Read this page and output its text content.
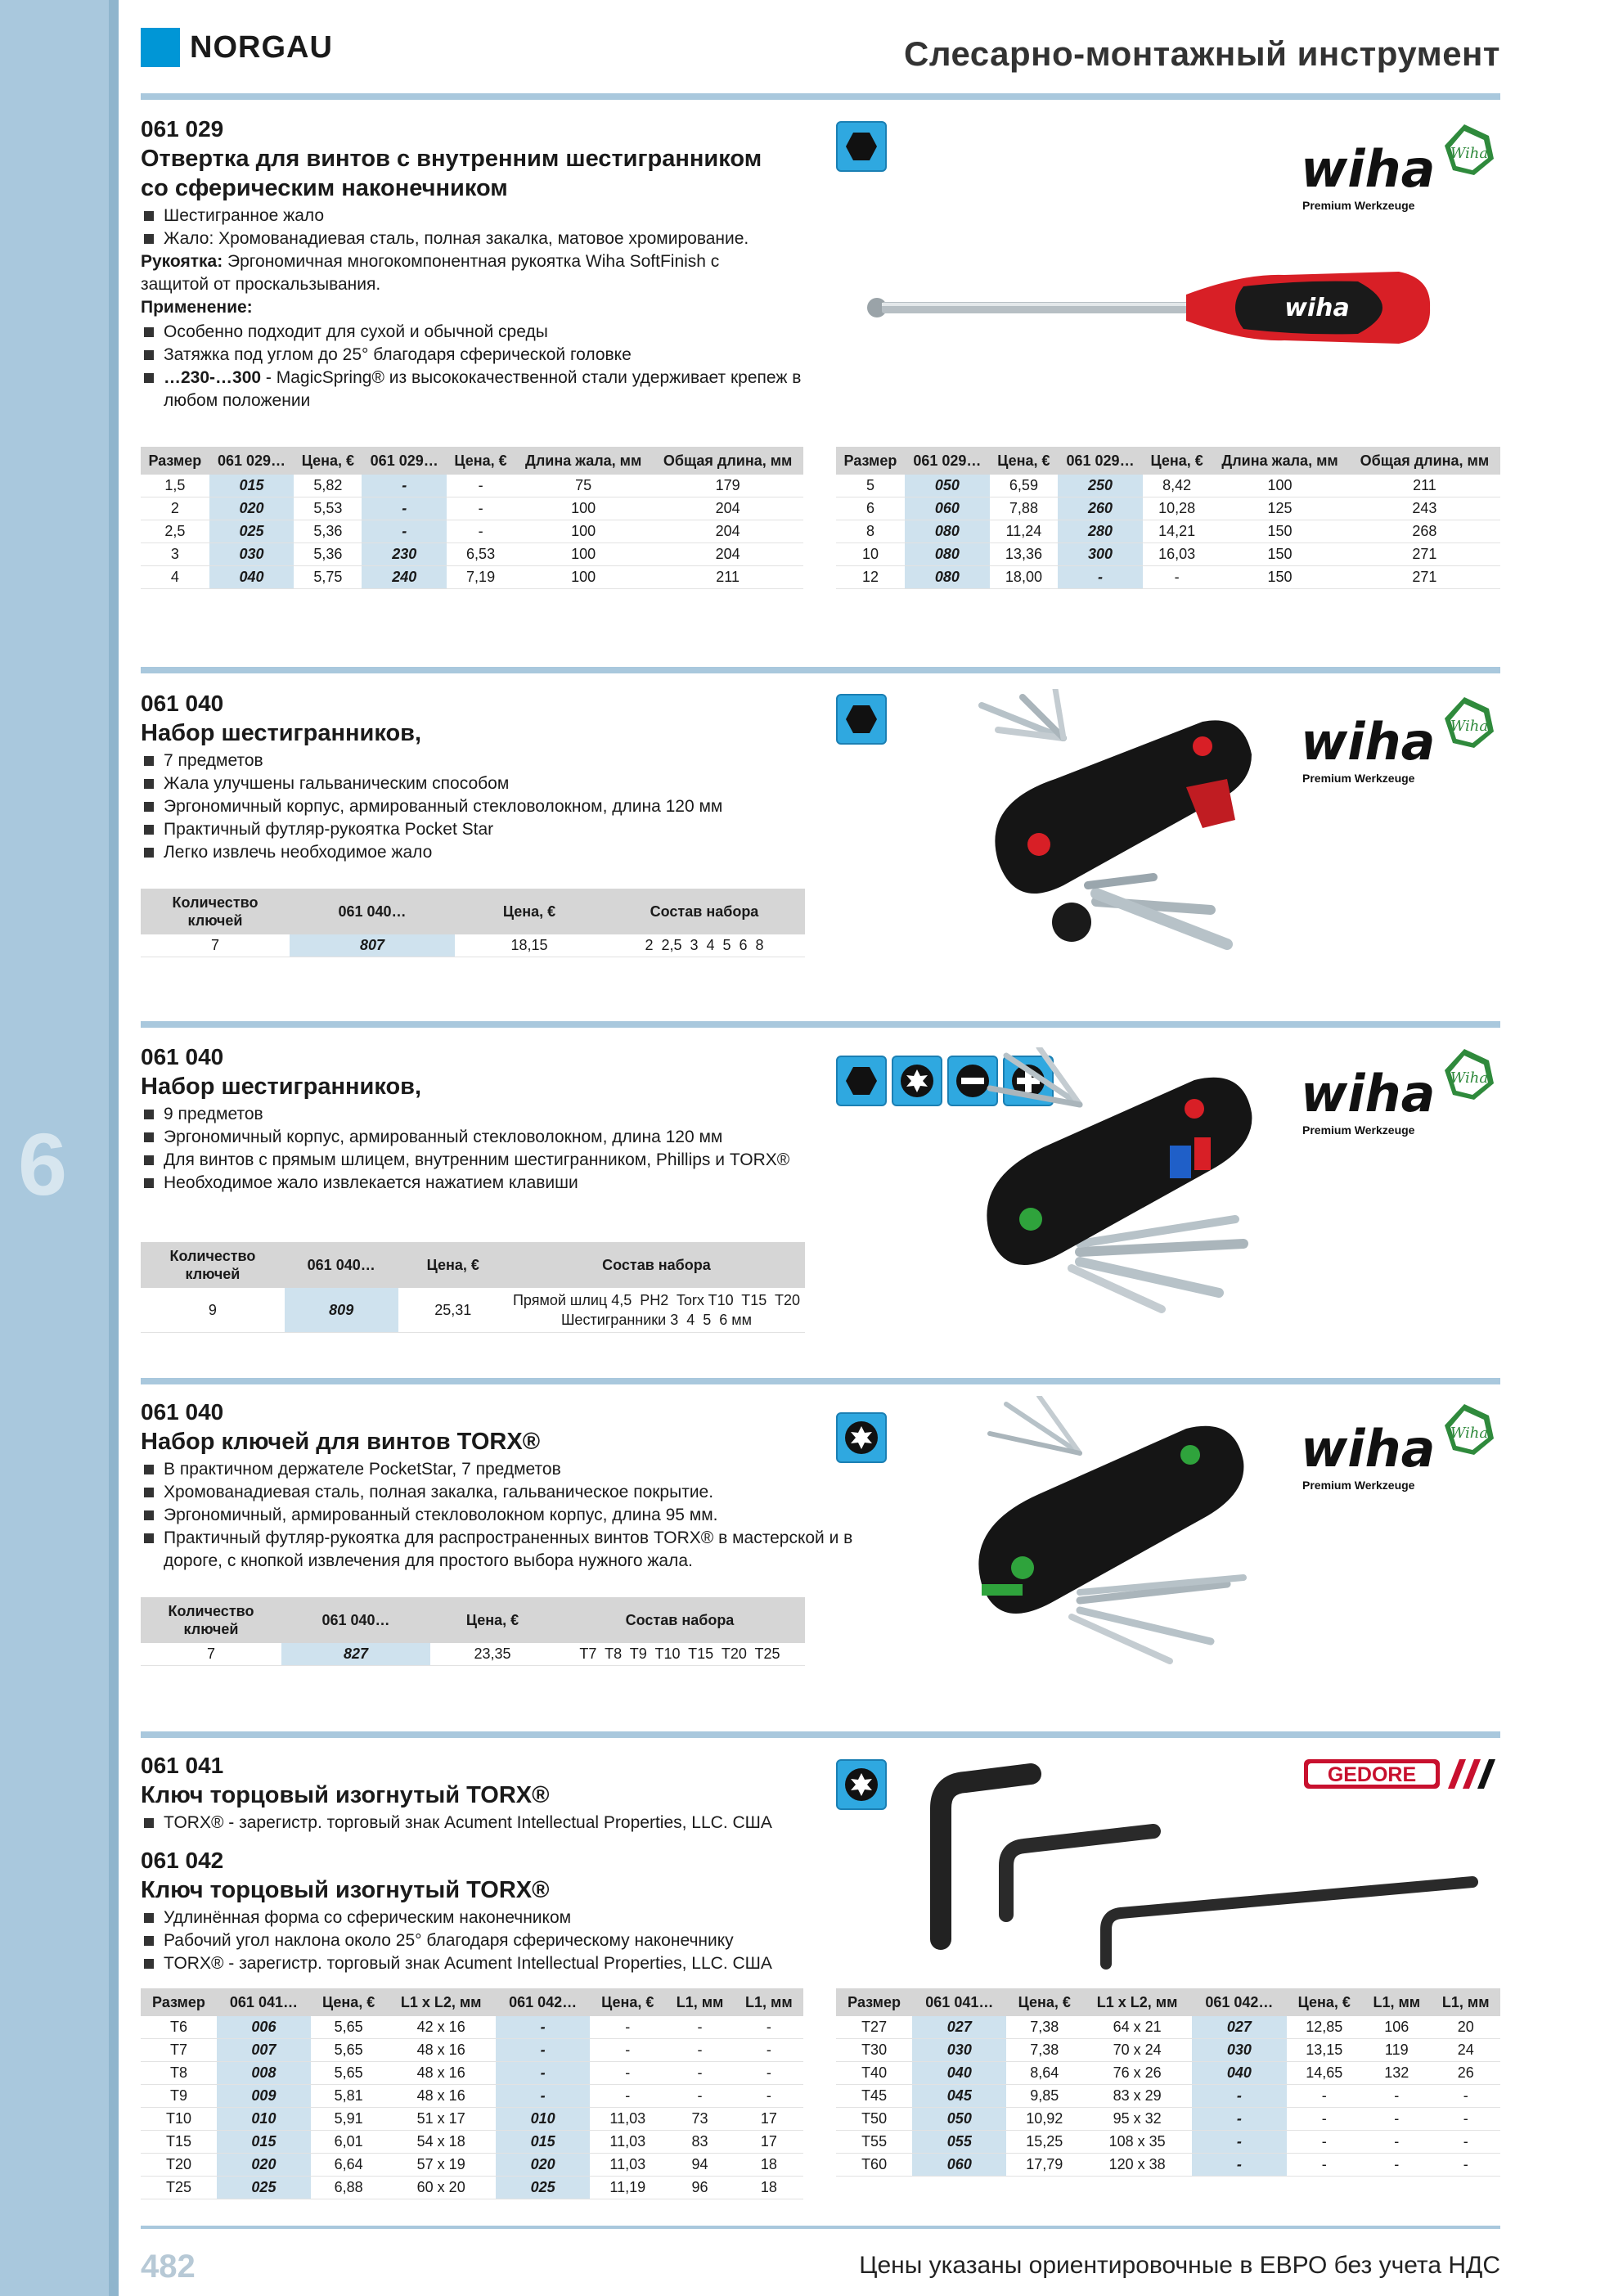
6
NORGAU	Слесарно-монтажный инструмент
061 029
Отвертка для винтов с внутренним шестигранником
со сферическим наконечником
Шестигранное жало
Жало: Хромованадиевая сталь, полная закалка, матовое хромирование.
Рукоятка: Эргономичная многокомпонентная рукоятка Wiha SoftFinish с защитой от проскальзывания.
Применение:
Особенно подходит для сухой и обычной среды
Затяжка под углом до 25° благодаря сферической головке
…230-…300 - MagicSpring® из высококачественной стали удерживает крепеж в любом положении
Wiha
wiha
Premium Werkzeuge
wiha
Размер	061 029…	Цена, €	061 029…	Цена, €	Длина жала, мм	Общая длина, мм
1,5	015	5,82	-	-	75	179
2	020	5,53	-	-	100	204
2,5	025	5,36	-	-	100	204
3	030	5,36	230	6,53	100	204
4	040	5,75	240	7,19	100	211
Размер	061 029…	Цена, €	061 029…	Цена, €	Длина жала, мм	Общая длина, мм
5	050	6,59	250	8,42	100	211
6	060	7,88	260	10,28	125	243
8	080	11,24	280	14,21	150	268
10	080	13,36	300	16,03	150	271
12	080	18,00	-	-	150	271
061 040
Набор шестигранников,
7 предметов
Жала улучшены гальваническим способом
Эргономичный корпус, армированный стекловолокном, длина 120 мм
Практичный футляр-рукоятка Pocket Star
Легко извлечь необходимое жало
Количество ключей	061 040…	Цена, €	Состав набора
7	807	18,15	2  2,5  3  4  5  6  8
Wiha
wiha
Premium Werkzeuge
061 040
Набор шестигранников,
9 предметов
Эргономичный корпус, армированный стекловолокном, длина 120 мм
Для винтов с прямым шлицем, внутренним шестигранником, Phillips и TORX®
Необходимое жало извлекается нажатием клавиши
Количество ключей	061 040…	Цена, €	Состав набора
9	809	25,31	Прямой шлиц 4,5  PH2  Torx T10  T15  T20
Шестигранники 3  4  5  6 мм
Wiha
wiha
Premium Werkzeuge
061 040
Набор ключей для винтов TORX®
В практичном держателе PocketStar, 7 предметов
Хромованадиевая сталь, полная закалка, гальваническое покрытие.
Эргономичный, армированный стекловолокном корпус, длина 95 мм.
Практичный футляр-рукоятка для распространенных винтов TORX® в мастерской и в дороге, с кнопкой извлечения для простого выбора нужного жала.
Количество ключей	061 040…	Цена, €	Состав набора
7	827	23,35	T7  T8  T9  T10  T15  T20  T25
Wiha
wiha
Premium Werkzeuge
061 041
Ключ торцовый изогнутый TORX®
TORX® - зарегистр. торговый знак Acument Intellectual Properties, LLC. США
061 042
Ключ торцовый изогнутый TORX®
Удлинённая форма со сферическим наконечником
Рабочий угол наклона около 25° благодаря сферическому наконечнику
TORX® - зарегистр. торговый знак Acument Intellectual Properties, LLC. США
GEDORE
Размер	061 041…	Цена, €	L1 x L2, мм	061 042…	Цена, €	L1, мм	L1, мм
T6	006	5,65	42 x 16	-	-	-	-
T7	007	5,65	48 x 16	-	-	-	-
T8	008	5,65	48 x 16	-	-	-	-
T9	009	5,81	48 x 16	-	-	-	-
T10	010	5,91	51 x 17	010	11,03	73	17
T15	015	6,01	54 x 18	015	11,03	83	17
T20	020	6,64	57 x 19	020	11,03	94	18
T25	025	6,88	60 x 20	025	11,19	96	18
Размер	061 041…	Цена, €	L1 x L2, мм	061 042…	Цена, €	L1, мм	L1, мм
T27	027	7,38	64 x 21	027	12,85	106	20
T30	030	7,38	70 x 24	030	13,15	119	24
T40	040	8,64	76 x 26	040	14,65	132	26
T45	045	9,85	83 x 29	-	-	-	-
T50	050	10,92	95 x 32	-	-	-	-
T55	055	15,25	108 x 35	-	-	-	-
T60	060	17,79	120 x 38	-	-	-	-
482	Цены указаны ориентировочные в ЕВРО без учета НДС
